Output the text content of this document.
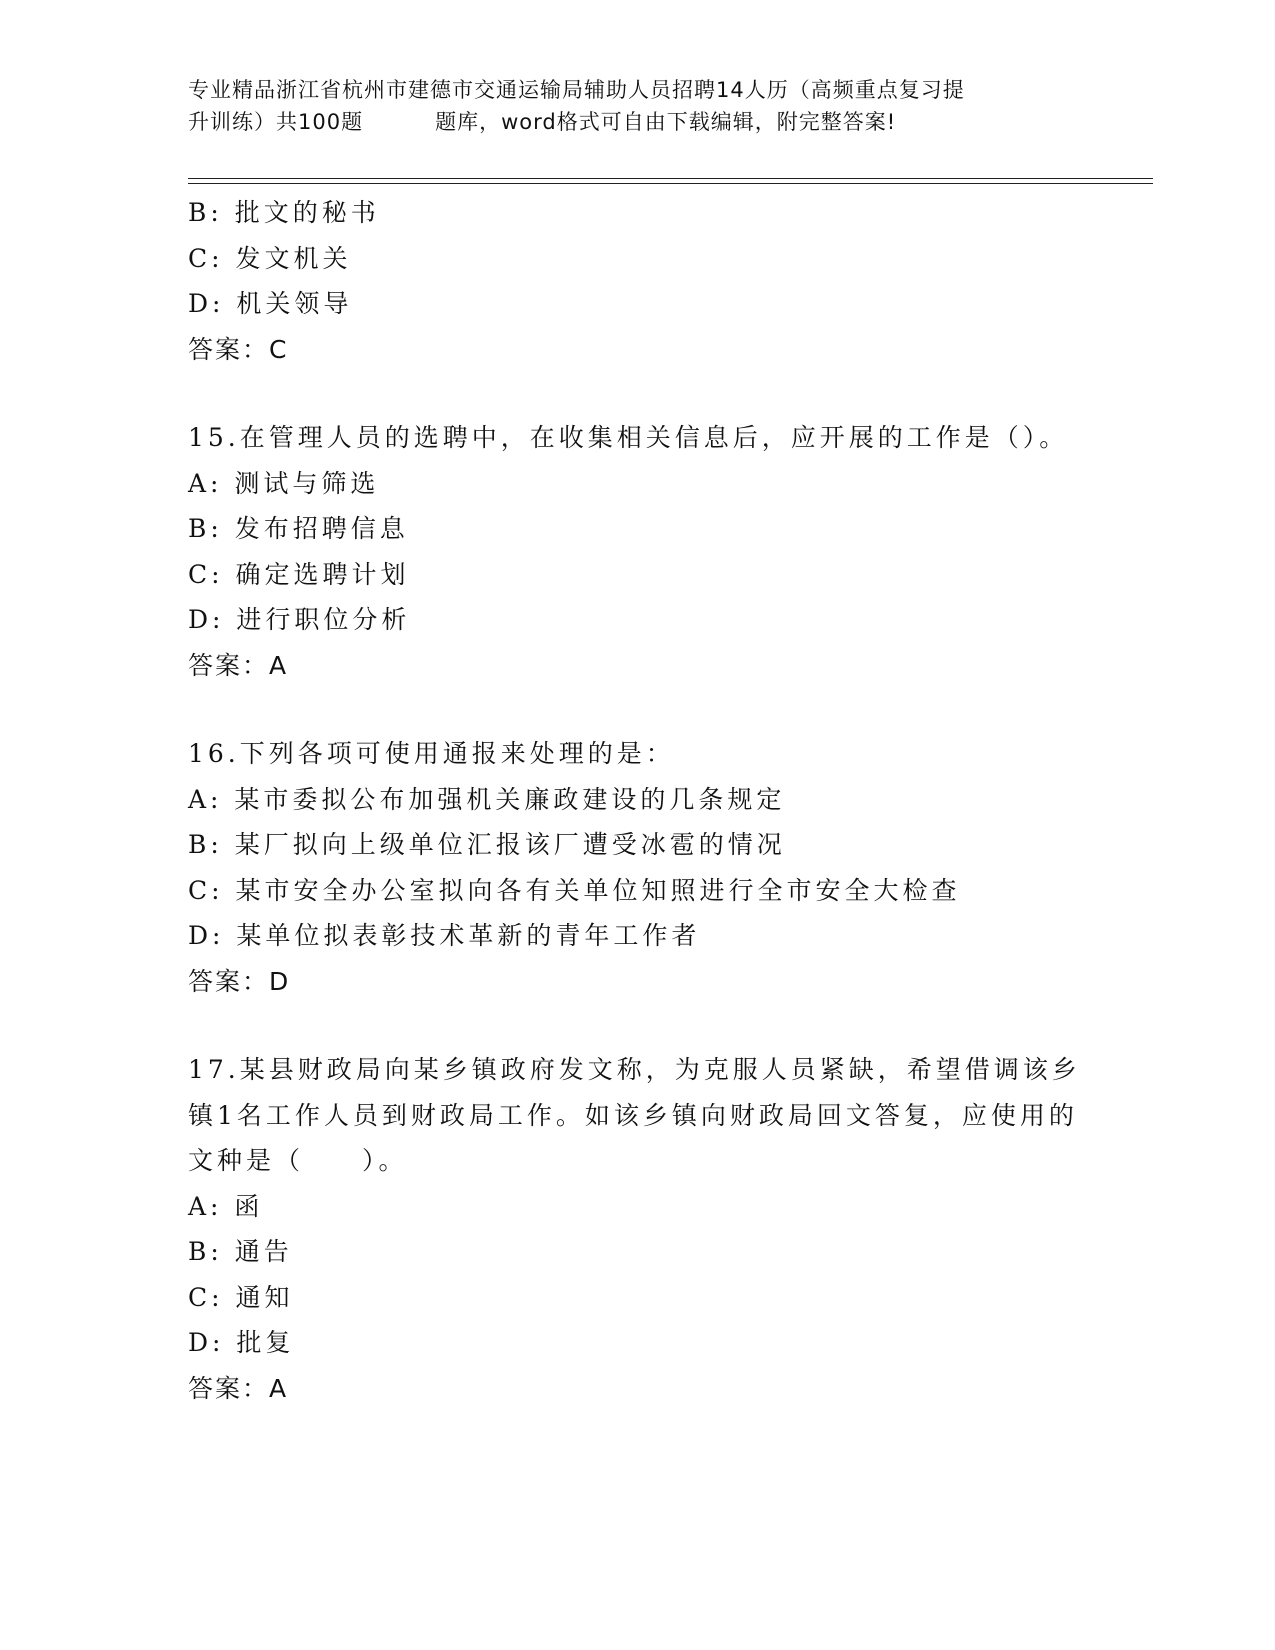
专业精品浙江省杭州市建德市交通运输局辅助人员招聘14人历（高频重点复习提
升训练）共100题	题库，word格式可自由下载编辑，附完整答案!
B: 批文的秘书
C: 发文机关
D: 机关领导
答案：C
15.在管理人员的选聘中，在收集相关信息后，应开展的工作是（）。
A: 测试与筛选
B: 发布招聘信息
C: 确定选聘计划
D: 进行职位分析
答案：A
16.下列各项可使用通报来处理的是：
A: 某市委拟公布加强机关廉政建设的几条规定
B: 某厂拟向上级单位汇报该厂遭受冰雹的情况
C: 某市安全办公室拟向各有关单位知照进行全市安全大检查
D: 某单位拟表彰技术革新的青年工作者
答案：D
17.某县财政局向某乡镇政府发文称，为克服人员紧缺，希望借调该乡镇1名工作人员到财政局工作。如该乡镇向财政局回文答复，应使用的文种是（　　）。
A: 函
B: 通告
C: 通知
D: 批复
答案：A
